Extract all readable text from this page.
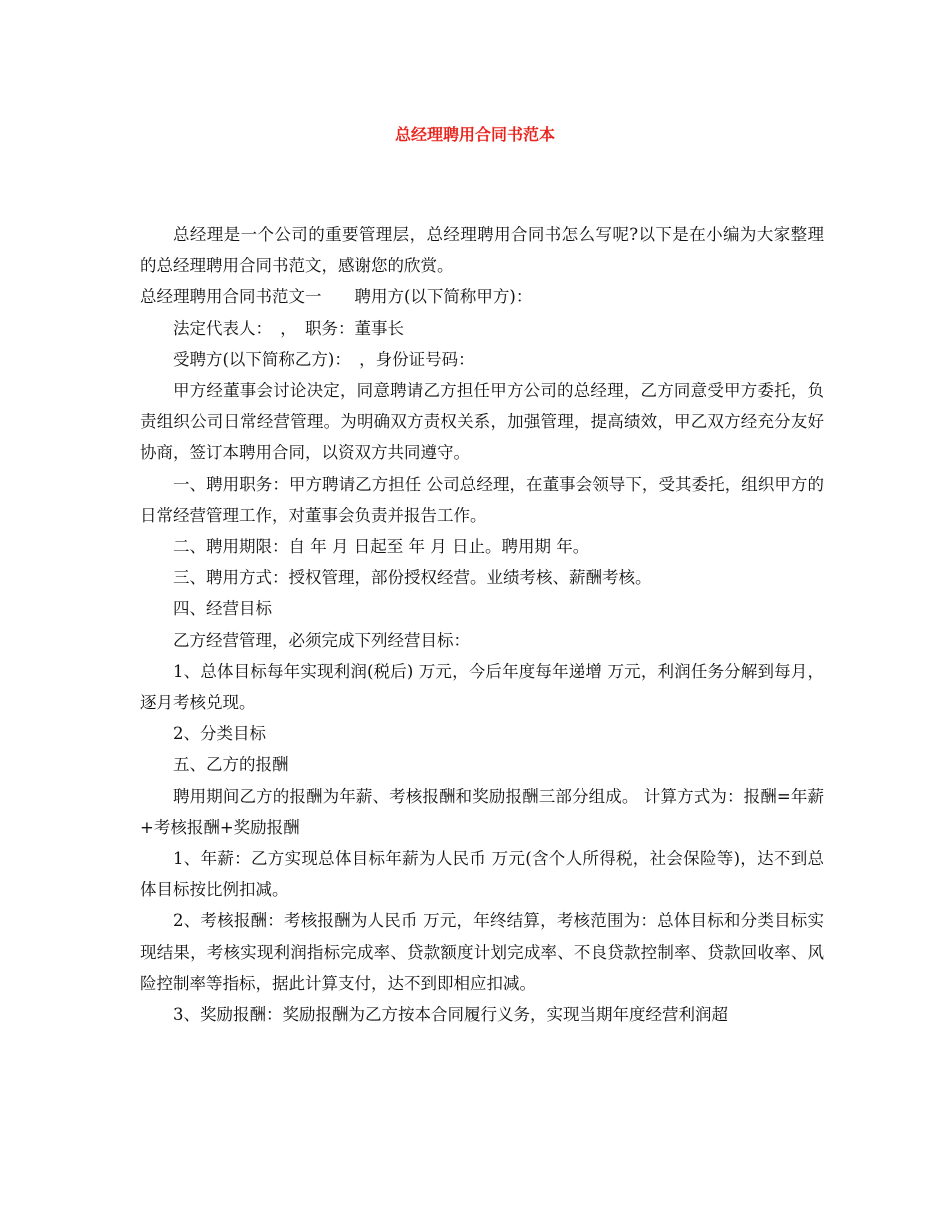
总经理聘用合同书范本

总经理是一个公司的重要管理层，总经理聘用合同书怎么写呢?以下是在小编为大家整理的总经理聘用合同书范文，感谢您的欣赏。

总经理聘用合同书范文一　　聘用方(以下简称甲方)：

法定代表人：　，　职务：董事长

受聘方(以下简称乙方)：　，身份证号码：

甲方经董事会讨论决定，同意聘请乙方担任甲方公司的总经理，乙方同意受甲方委托，负责组织公司日常经营管理。为明确双方责权关系，加强管理，提高绩效，甲乙双方经充分友好协商，签订本聘用合同，以资双方共同遵守。

一、聘用职务：甲方聘请乙方担任 公司总经理，在董事会领导下，受其委托，组织甲方的日常经营管理工作，对董事会负责并报告工作。

二、聘用期限：自 年 月 日起至 年 月 日止。聘用期 年。

三、聘用方式：授权管理，部份授权经营。业绩考核、薪酬考核。

四、经营目标

乙方经营管理，必须完成下列经营目标：

1、总体目标每年实现利润(税后) 万元，今后年度每年递增 万元，利润任务分解到每月，逐月考核兑现。

2、分类目标

五、乙方的报酬

聘用期间乙方的报酬为年薪、考核报酬和奖励报酬三部分组成。 计算方式为：报酬=年薪+考核报酬+奖励报酬

1、年薪：乙方实现总体目标年薪为人民币 万元(含个人所得税，社会保险等)，达不到总体目标按比例扣减。

2、考核报酬：考核报酬为人民币 万元，年终结算，考核范围为：总体目标和分类目标实现结果，考核实现利润指标完成率、贷款额度计划完成率、不良贷款控制率、贷款回收率、风险控制率等指标，据此计算支付，达不到即相应扣减。

3、奖励报酬：奖励报酬为乙方按本合同履行义务，实现当期年度经营利润超
